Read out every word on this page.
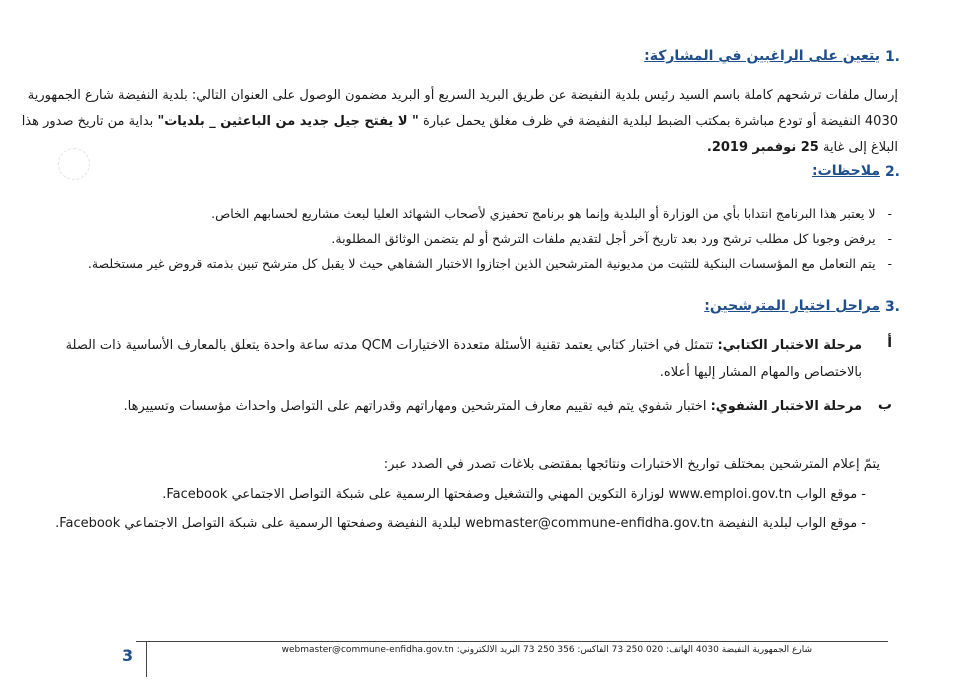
1.
يتعين على الراغبين في المشاركة:
إرسال ملفات ترشحهم كاملة باسم السيد رئيس بلدية النفيضة عن طريق البريد السريع أو البريد مضمون الوصول على العنوان التالي: بلدية النفيضة شارع الجمهورية
4030 النفيضة أو تودع مباشرة بمكتب الضبط لبلدية النفيضة في ظرف مغلق يحمل عبارة " لا يفتح جيل جديد من الباعثين _ بلديات" بداية من تاريخ صدور هذا
البلاغ إلى غاية 25 نوفمبر 2019.
2.
ملاحظات:
-   لا يعتبر هذا البرنامج انتدابا بأي من الوزارة أو البلدية وإنما هو برنامج تحفيزي لأصحاب الشهائد العليا لبعث مشاريع لحسابهم الخاص.
-   يرفض وجوبا كل مطلب ترشح ورد بعد تاريخ آخر أجل لتقديم ملفات الترشح أو لم يتضمن الوثائق المطلوبة.
-   يتم التعامل مع المؤسسات البنكية للتثبت من مديونية المترشحين الذين اجتازوا الاختبار الشفاهي حيث لا يقبل كل مترشح تبين بذمته قروض غير مستخلصة.
3.
مراحل اختيار المترشحين:
أ
مرحلة الاختبار الكتابي: تتمثل في اختبار كتابي يعتمد تقنية الأسئلة متعددة الاختيارات QCM مدته ساعة واحدة يتعلق بالمعارف الأساسية ذات الصلة
بالاختصاص والمهام المشار إليها أعلاه.
ب
مرحلة الاختبار الشفوي: اختبار شفوي يتم فيه تقييم معارف المترشحين ومهاراتهم وقدراتهم على التواصل واحداث مؤسسات وتسييرها.
يتمّ إعلام المترشحين بمختلف تواريخ الاختبارات ونتائجها بمقتضى بلاغات تصدر في الصدد عبر:
- موقع الواب www.emploi.gov.tn لوزارة التكوين المهني والتشغيل وصفحتها الرسمية على شبكة التواصل الاجتماعي Facebook.
- موقع الواب لبلدية النفيضة webmaster@commune-enfidha.gov.tn لبلدية النفيضة وصفحتها الرسمية على شبكة التواصل الاجتماعي Facebook.
3	شارع الجمهورية النفيضة 4030 الهاتف: 020 250 73 الفاكس: 356 250 73 البريد الالكتروني: webmaster@commune-enfidha.gov.tn
